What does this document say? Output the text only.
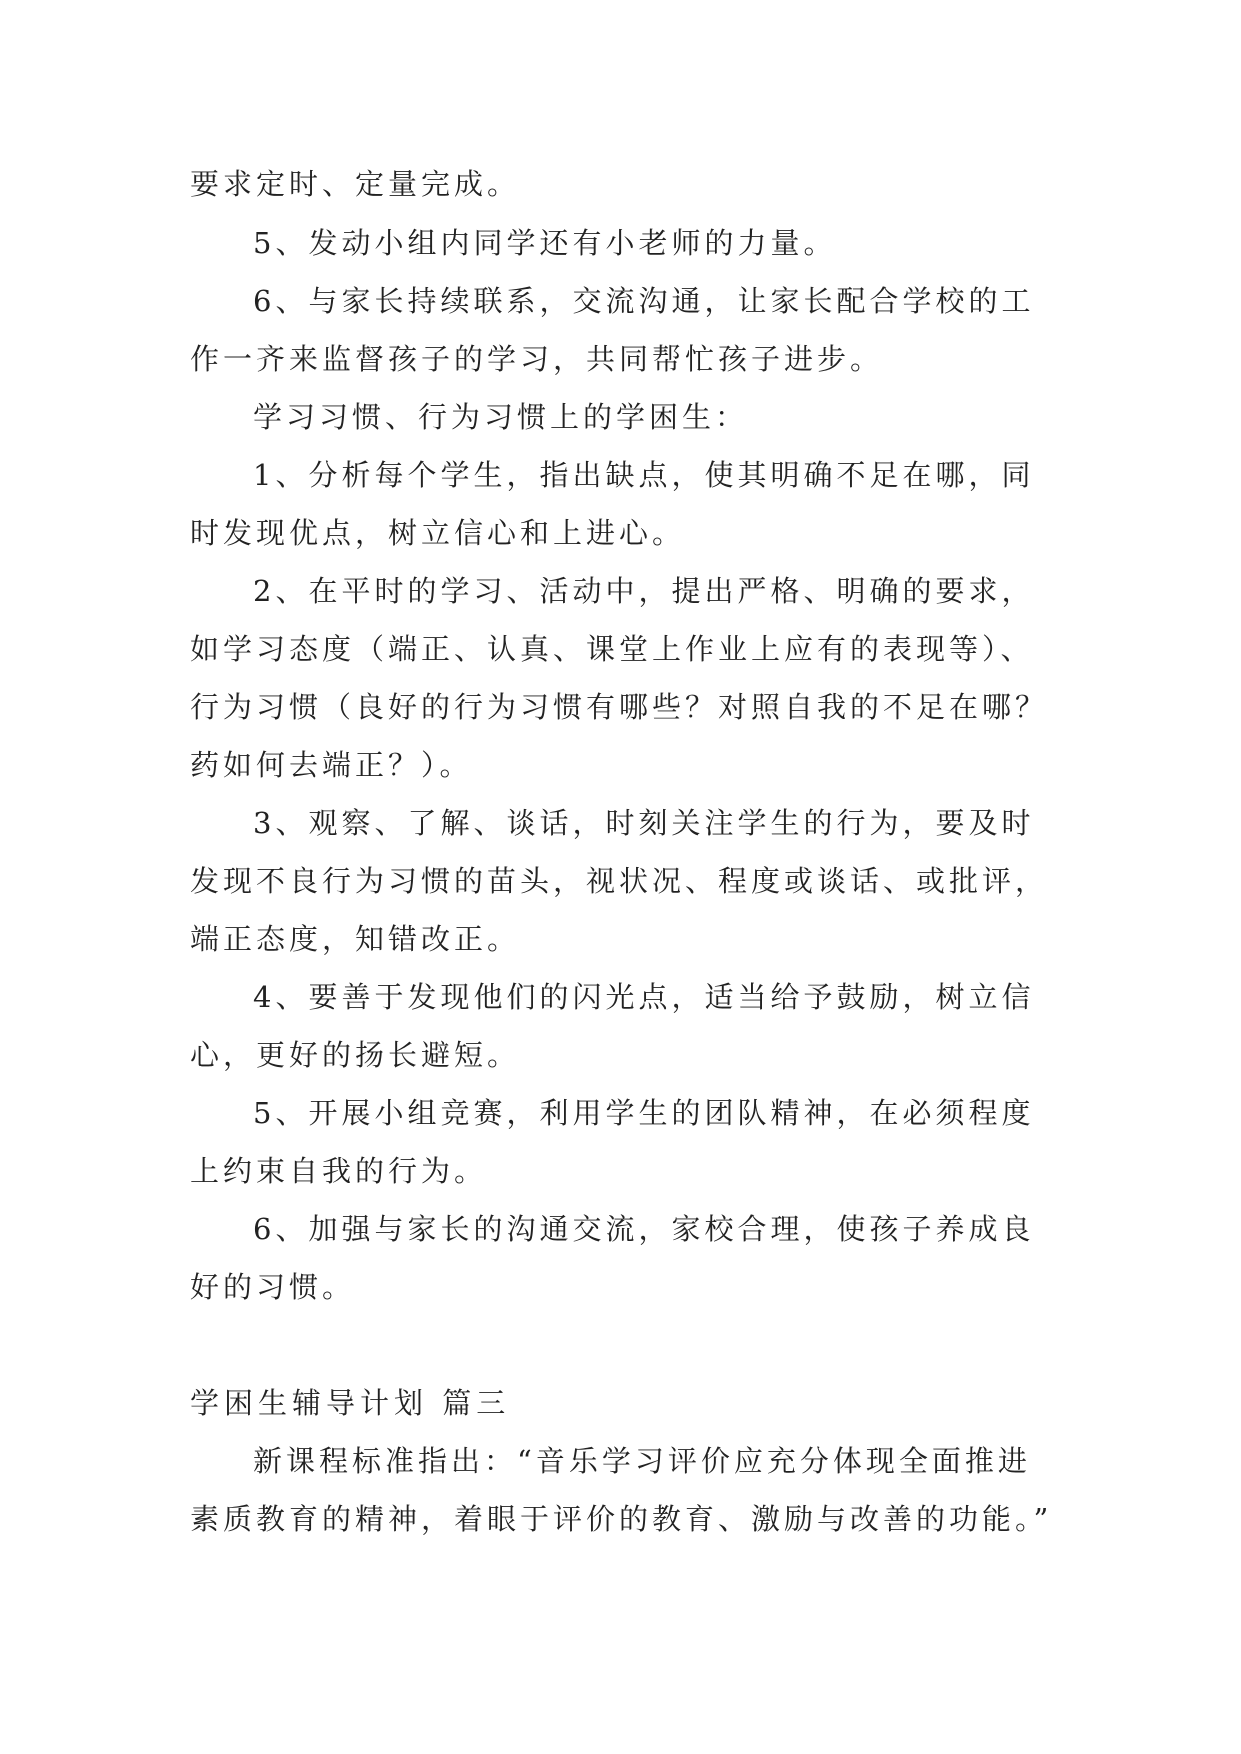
要求定时、定量完成。
5、发动小组内同学还有小老师的力量。
6、与家长持续联系，交流沟通，让家长配合学校的工
作一齐来监督孩子的学习，共同帮忙孩子进步。
学习习惯、行为习惯上的学困生：
1、分析每个学生，指出缺点，使其明确不足在哪，同
时发现优点，树立信心和上进心。
2、在平时的学习、活动中，提出严格、明确的要求，
如学习态度（端正、认真、课堂上作业上应有的表现等）、
行为习惯（良好的行为习惯有哪些？对照自我的不足在哪？
药如何去端正？）。
3、观察、了解、谈话，时刻关注学生的行为，要及时
发现不良行为习惯的苗头，视状况、程度或谈话、或批评，
端正态度，知错改正。
4、要善于发现他们的闪光点，适当给予鼓励，树立信
心，更好的扬长避短。
5、开展小组竞赛，利用学生的团队精神，在必须程度
上约束自我的行为。
6、加强与家长的沟通交流，家校合理，使孩子养成良
好的习惯。
学困生辅导计划 篇三
新课程标准指出：“音乐学习评价应充分体现全面推进
素质教育的精神，着眼于评价的教育、激励与改善的功能。”
